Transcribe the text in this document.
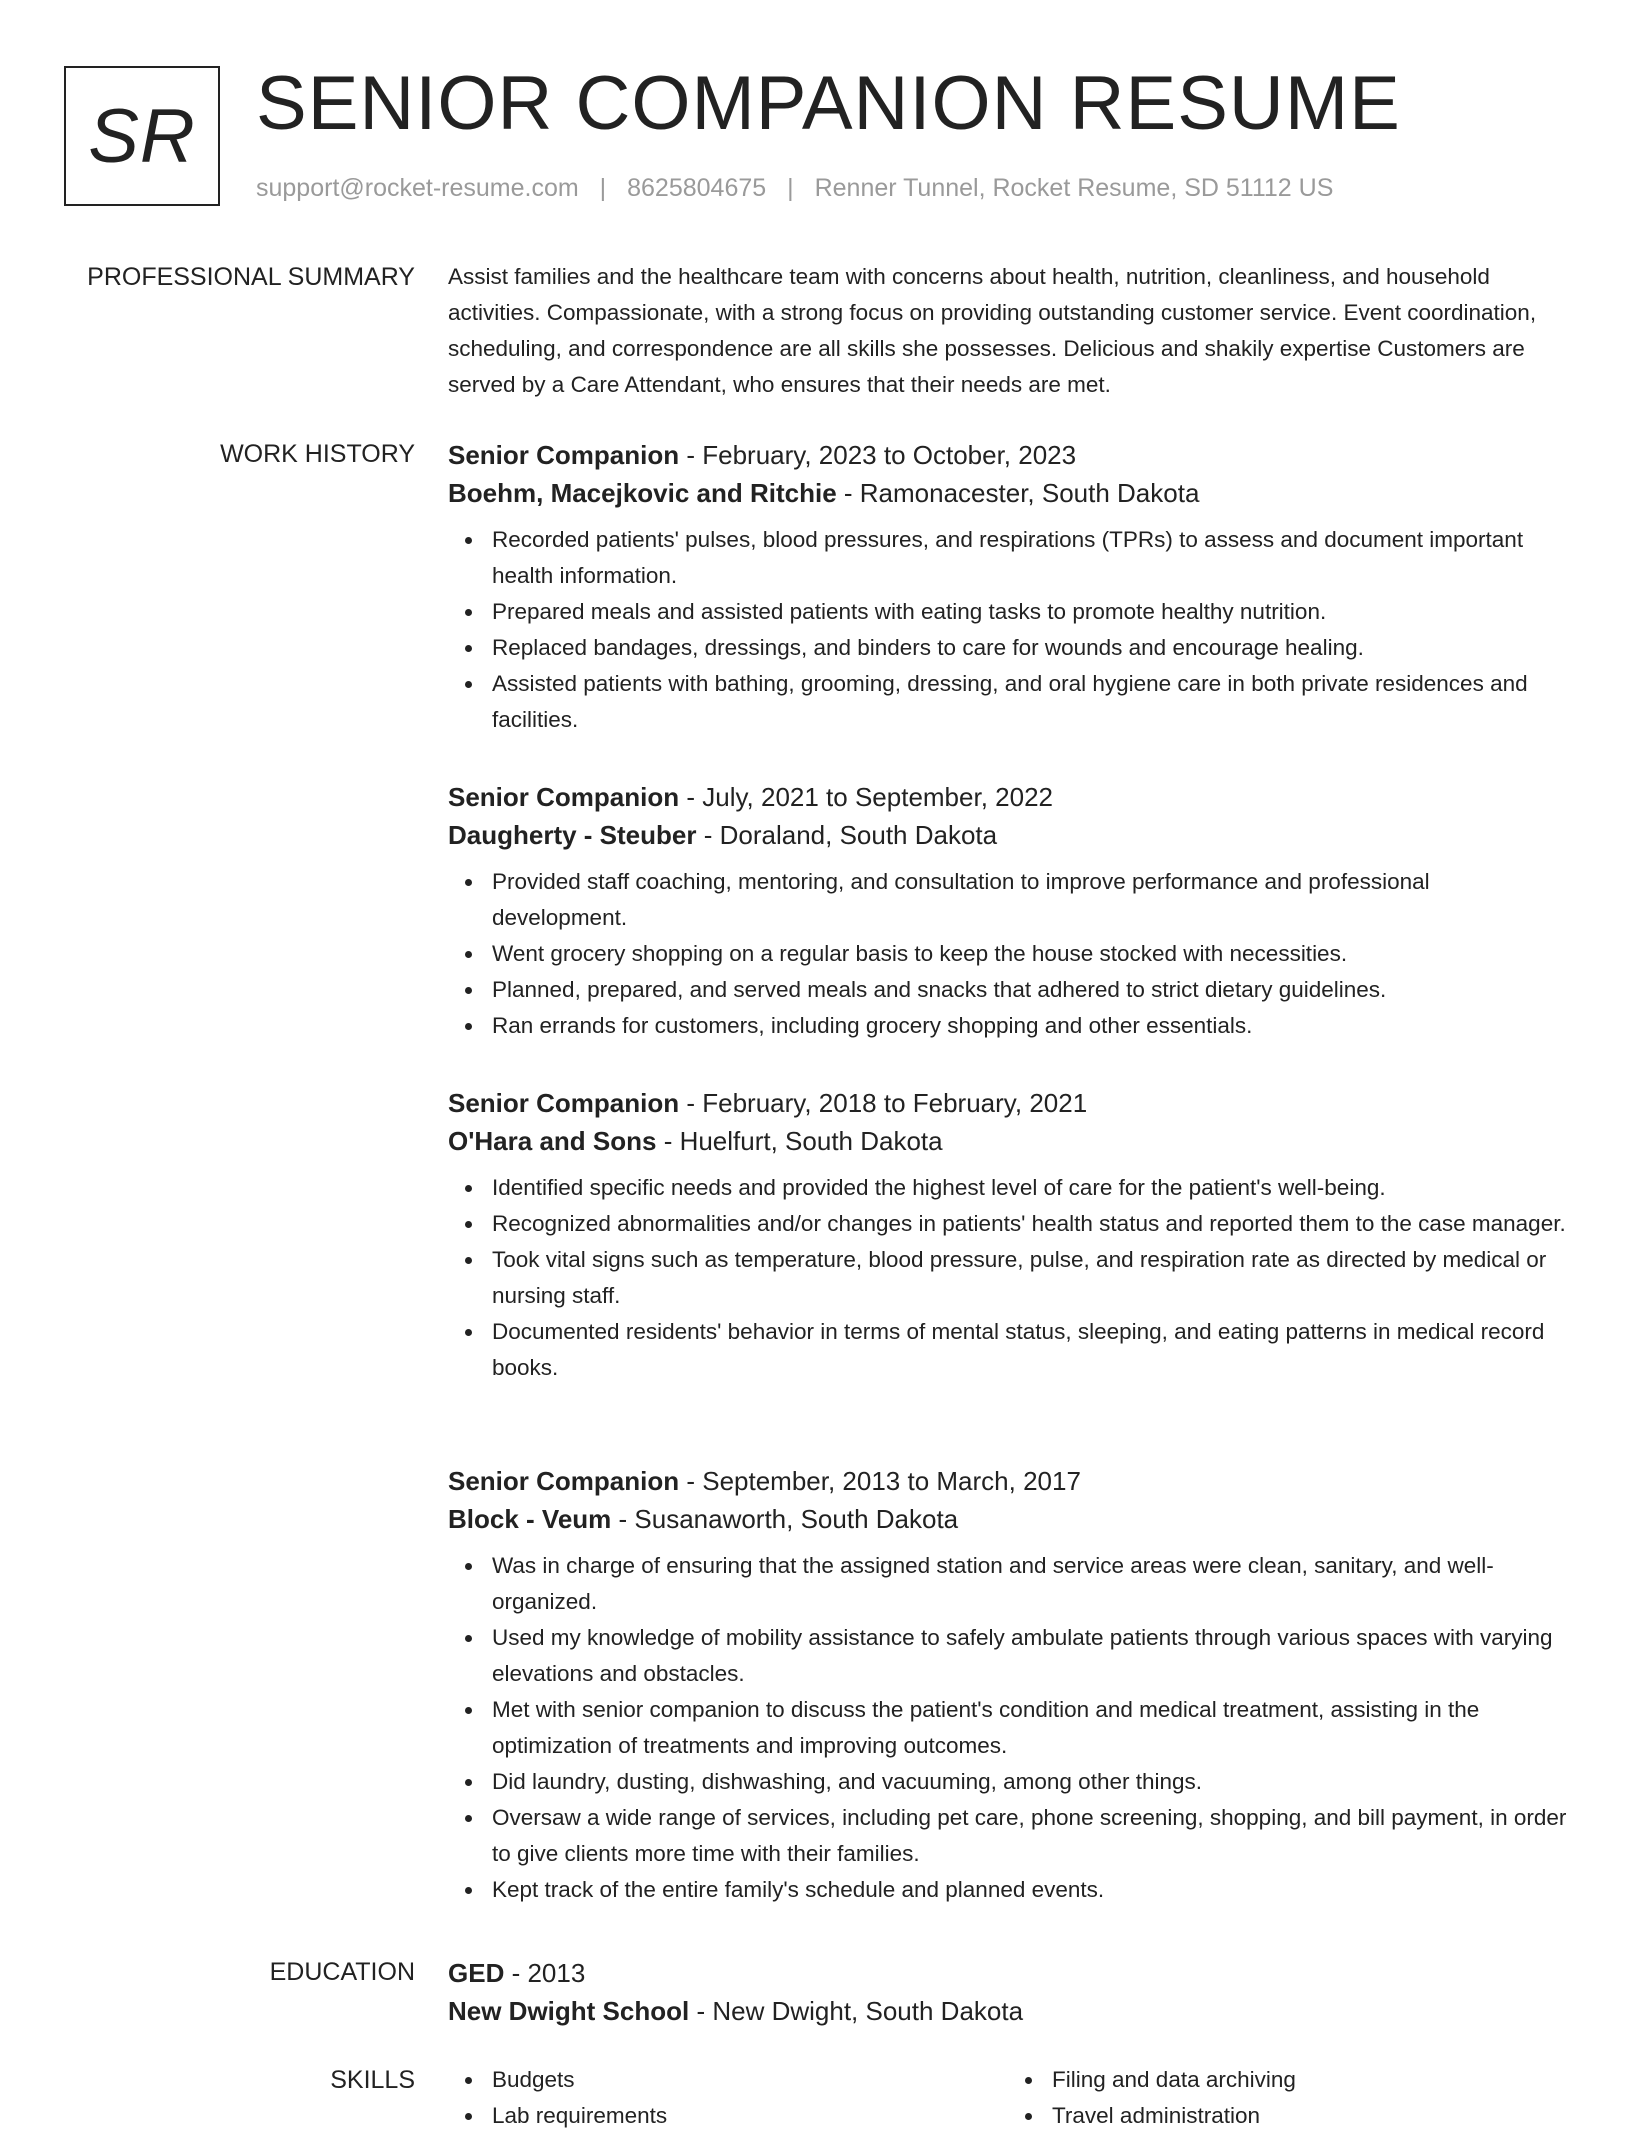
SR SENIOR COMPANION RESUME
support@rocket-resume.com | 8625804675 | Renner Tunnel, Rocket Resume, SD 51112 US
PROFESSIONAL SUMMARY Assist families and the healthcare team with concerns about health, nutrition, cleanliness, and household activities. Compassionate, with a strong focus on providing outstanding customer service. Event coordination, scheduling, and correspondence are all skills she possesses. Delicious and shakily expertise Customers are served by a Care Attendant, who ensures that their needs are met.
WORK HISTORY Senior Companion - February, 2023 to October, 2023
Boehm, Macejkovic and Ritchie - Ramonacester, South Dakota
Recorded patients' pulses, blood pressures, and respirations (TPRs) to assess and document important health information.
Prepared meals and assisted patients with eating tasks to promote healthy nutrition.
Replaced bandages, dressings, and binders to care for wounds and encourage healing.
Assisted patients with bathing, grooming, dressing, and oral hygiene care in both private residences and facilities.
Senior Companion - July, 2021 to September, 2022
Daugherty - Steuber - Doraland, South Dakota
Provided staff coaching, mentoring, and consultation to improve performance and professional development.
Went grocery shopping on a regular basis to keep the house stocked with necessities.
Planned, prepared, and served meals and snacks that adhered to strict dietary guidelines.
Ran errands for customers, including grocery shopping and other essentials.
Senior Companion - February, 2018 to February, 2021
O'Hara and Sons - Huelfurt, South Dakota
Identified specific needs and provided the highest level of care for the patient's well-being.
Recognized abnormalities and/or changes in patients' health status and reported them to the case manager.
Took vital signs such as temperature, blood pressure, pulse, and respiration rate as directed by medical or nursing staff.
Documented residents' behavior in terms of mental status, sleeping, and eating patterns in medical record books.
Senior Companion - September, 2013 to March, 2017
Block - Veum - Susanaworth, South Dakota
Was in charge of ensuring that the assigned station and service areas were clean, sanitary, and well-organized.
Used my knowledge of mobility assistance to safely ambulate patients through various spaces with varying elevations and obstacles.
Met with senior companion to discuss the patient's condition and medical treatment, assisting in the optimization of treatments and improving outcomes.
Did laundry, dusting, dishwashing, and vacuuming, among other things.
Oversaw a wide range of services, including pet care, phone screening, shopping, and bill payment, in order to give clients more time with their families.
Kept track of the entire family's schedule and planned events.
EDUCATION GED - 2013
New Dwight School - New Dwight, South Dakota
SKILLS	Budgets
Lab requirements
Filing and data archiving
Travel administration
